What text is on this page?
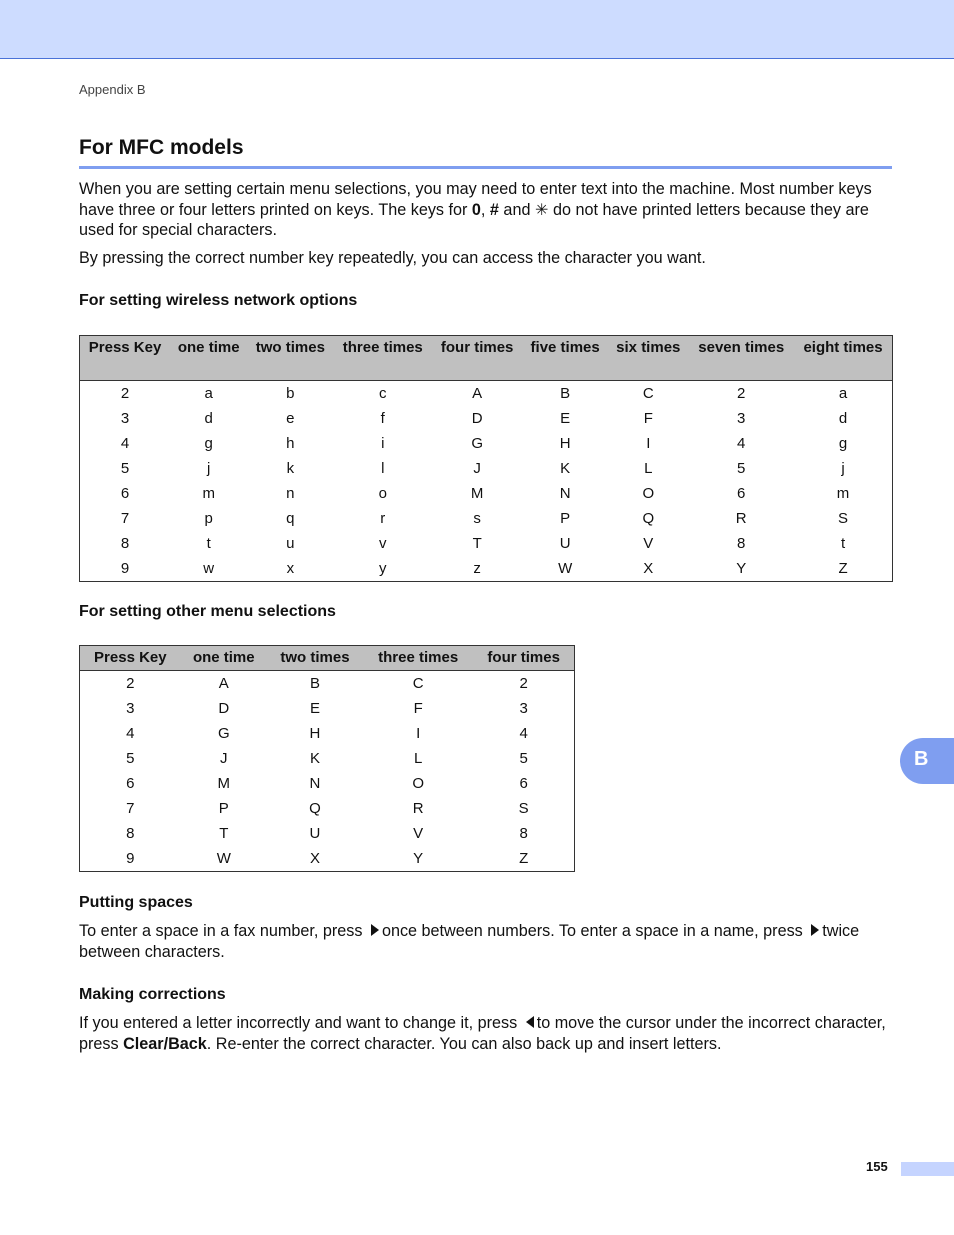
Appendix B
For MFC models

When you are setting certain menu selections, you may need to enter text into the machine. Most number keys have three or four letters printed on keys. The keys for 0, # and ✳ do not have printed letters because they are used for special characters.

By pressing the correct number key repeatedly, you can access the character you want.

For setting wireless network options
Press Key	one time	two times	three times	four times	five times	six times	seven times	eight times
2	a	b	c	A	B	C	2	a
3	d	e	f	D	E	F	3	d
4	g	h	i	G	H	I	4	g
5	j	k	l	J	K	L	5	j
6	m	n	o	M	N	O	6	m
7	p	q	r	s	P	Q	R	S
8	t	u	v	T	U	V	8	t
9	w	x	y	z	W	X	Y	Z
For setting other menu selections
Press Key	one time	two times	three times	four times
2	A	B	C	2
3	D	E	F	3
4	G	H	I	4
5	J	K	L	5
6	M	N	O	6
7	P	Q	R	S
8	T	U	V	8
9	W	X	Y	Z
Putting spaces

To enter a space in a fax number, press once between numbers. To enter a space in a name, press twice between characters.

Making corrections

If you entered a letter incorrectly and want to change it, press to move the cursor under the incorrect character, press Clear/Back. Re-enter the correct character. You can also back up and insert letters.

B
155
